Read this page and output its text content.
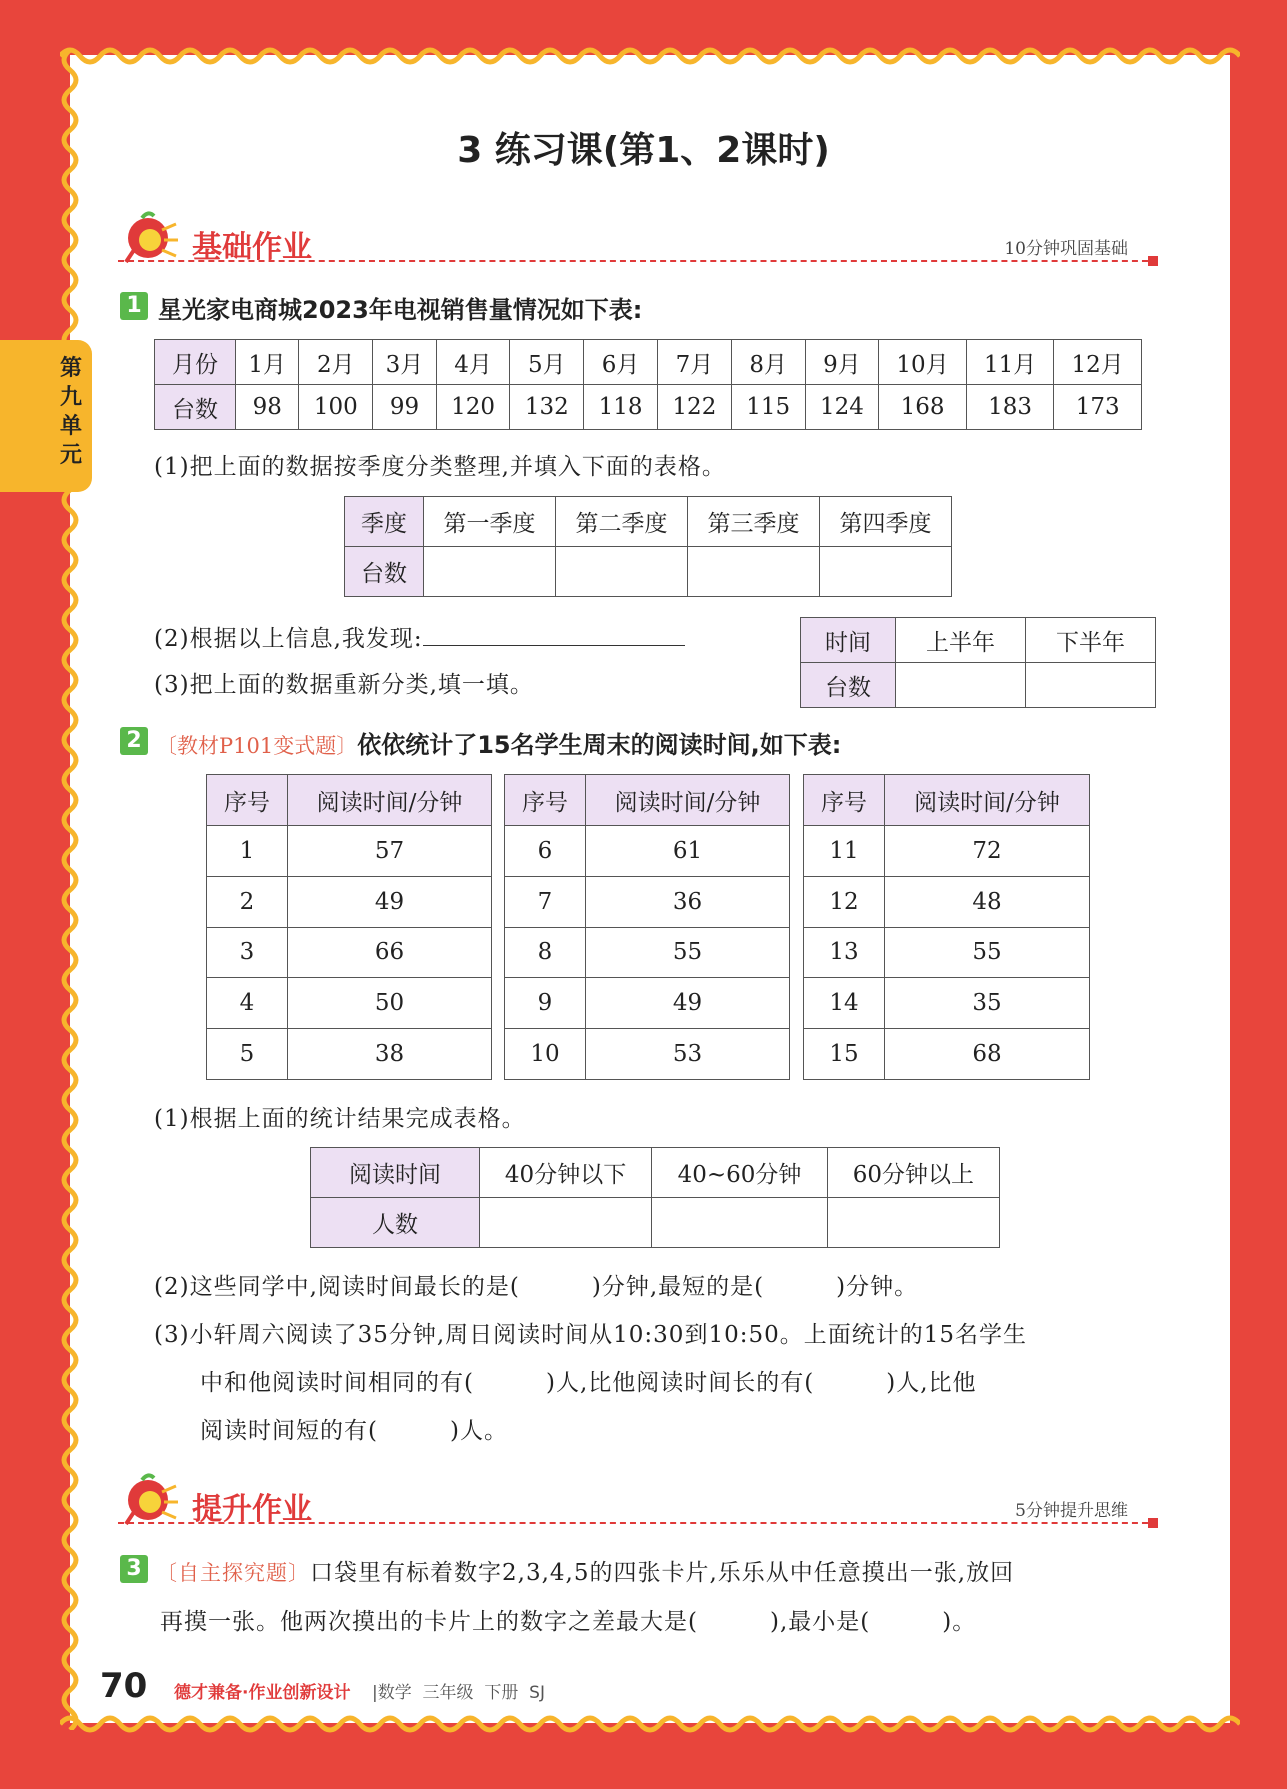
第九单元
3 练习课(第1、2课时)
基础作业	10分钟巩固基础
1 星光家电商城2023年电视销售量情况如下表:
月份	1月	2月	3月	4月	5月	6月	7月	8月	9月	10月	11月	12月
台数	98	100	99	120	132	118	122	115	124	168	183	173
(1)把上面的数据按季度分类整理,并填入下面的表格。
季度	第一季度	第二季度	第三季度	第四季度
台数				
(2)根据以上信息,我发现:
(3)把上面的数据重新分类,填一填。
时间	上半年	下半年
台数		
2 〔教材P101变式题〕依依统计了15名学生周末的阅读时间,如下表:
序号	阅读时间/分钟
1	57
2	49
3	66
4	50
5	38
序号	阅读时间/分钟
6	61
7	36
8	55
9	49
10	53
序号	阅读时间/分钟
11	72
12	48
13	55
14	35
15	68
(1)根据上面的统计结果完成表格。
阅读时间	40分钟以下	40~60分钟	60分钟以上
人数			
(2)这些同学中,阅读时间最长的是(　　　)分钟,最短的是(　　　)分钟。
(3)小轩周六阅读了35分钟,周日阅读时间从10:30到10:50。上面统计的15名学生
中和他阅读时间相同的有(　　　)人,比他阅读时间长的有(　　　)人,比他
阅读时间短的有(　　　)人。
提升作业	5分钟提升思维
3 〔自主探究题〕口袋里有标着数字2,3,4,5的四张卡片,乐乐从中任意摸出一张,放回
再摸一张。他两次摸出的卡片上的数字之差最大是(　　　),最小是(　　　)。
70 德才兼备·作业创新设计 |数学  三年级  下册  SJ
